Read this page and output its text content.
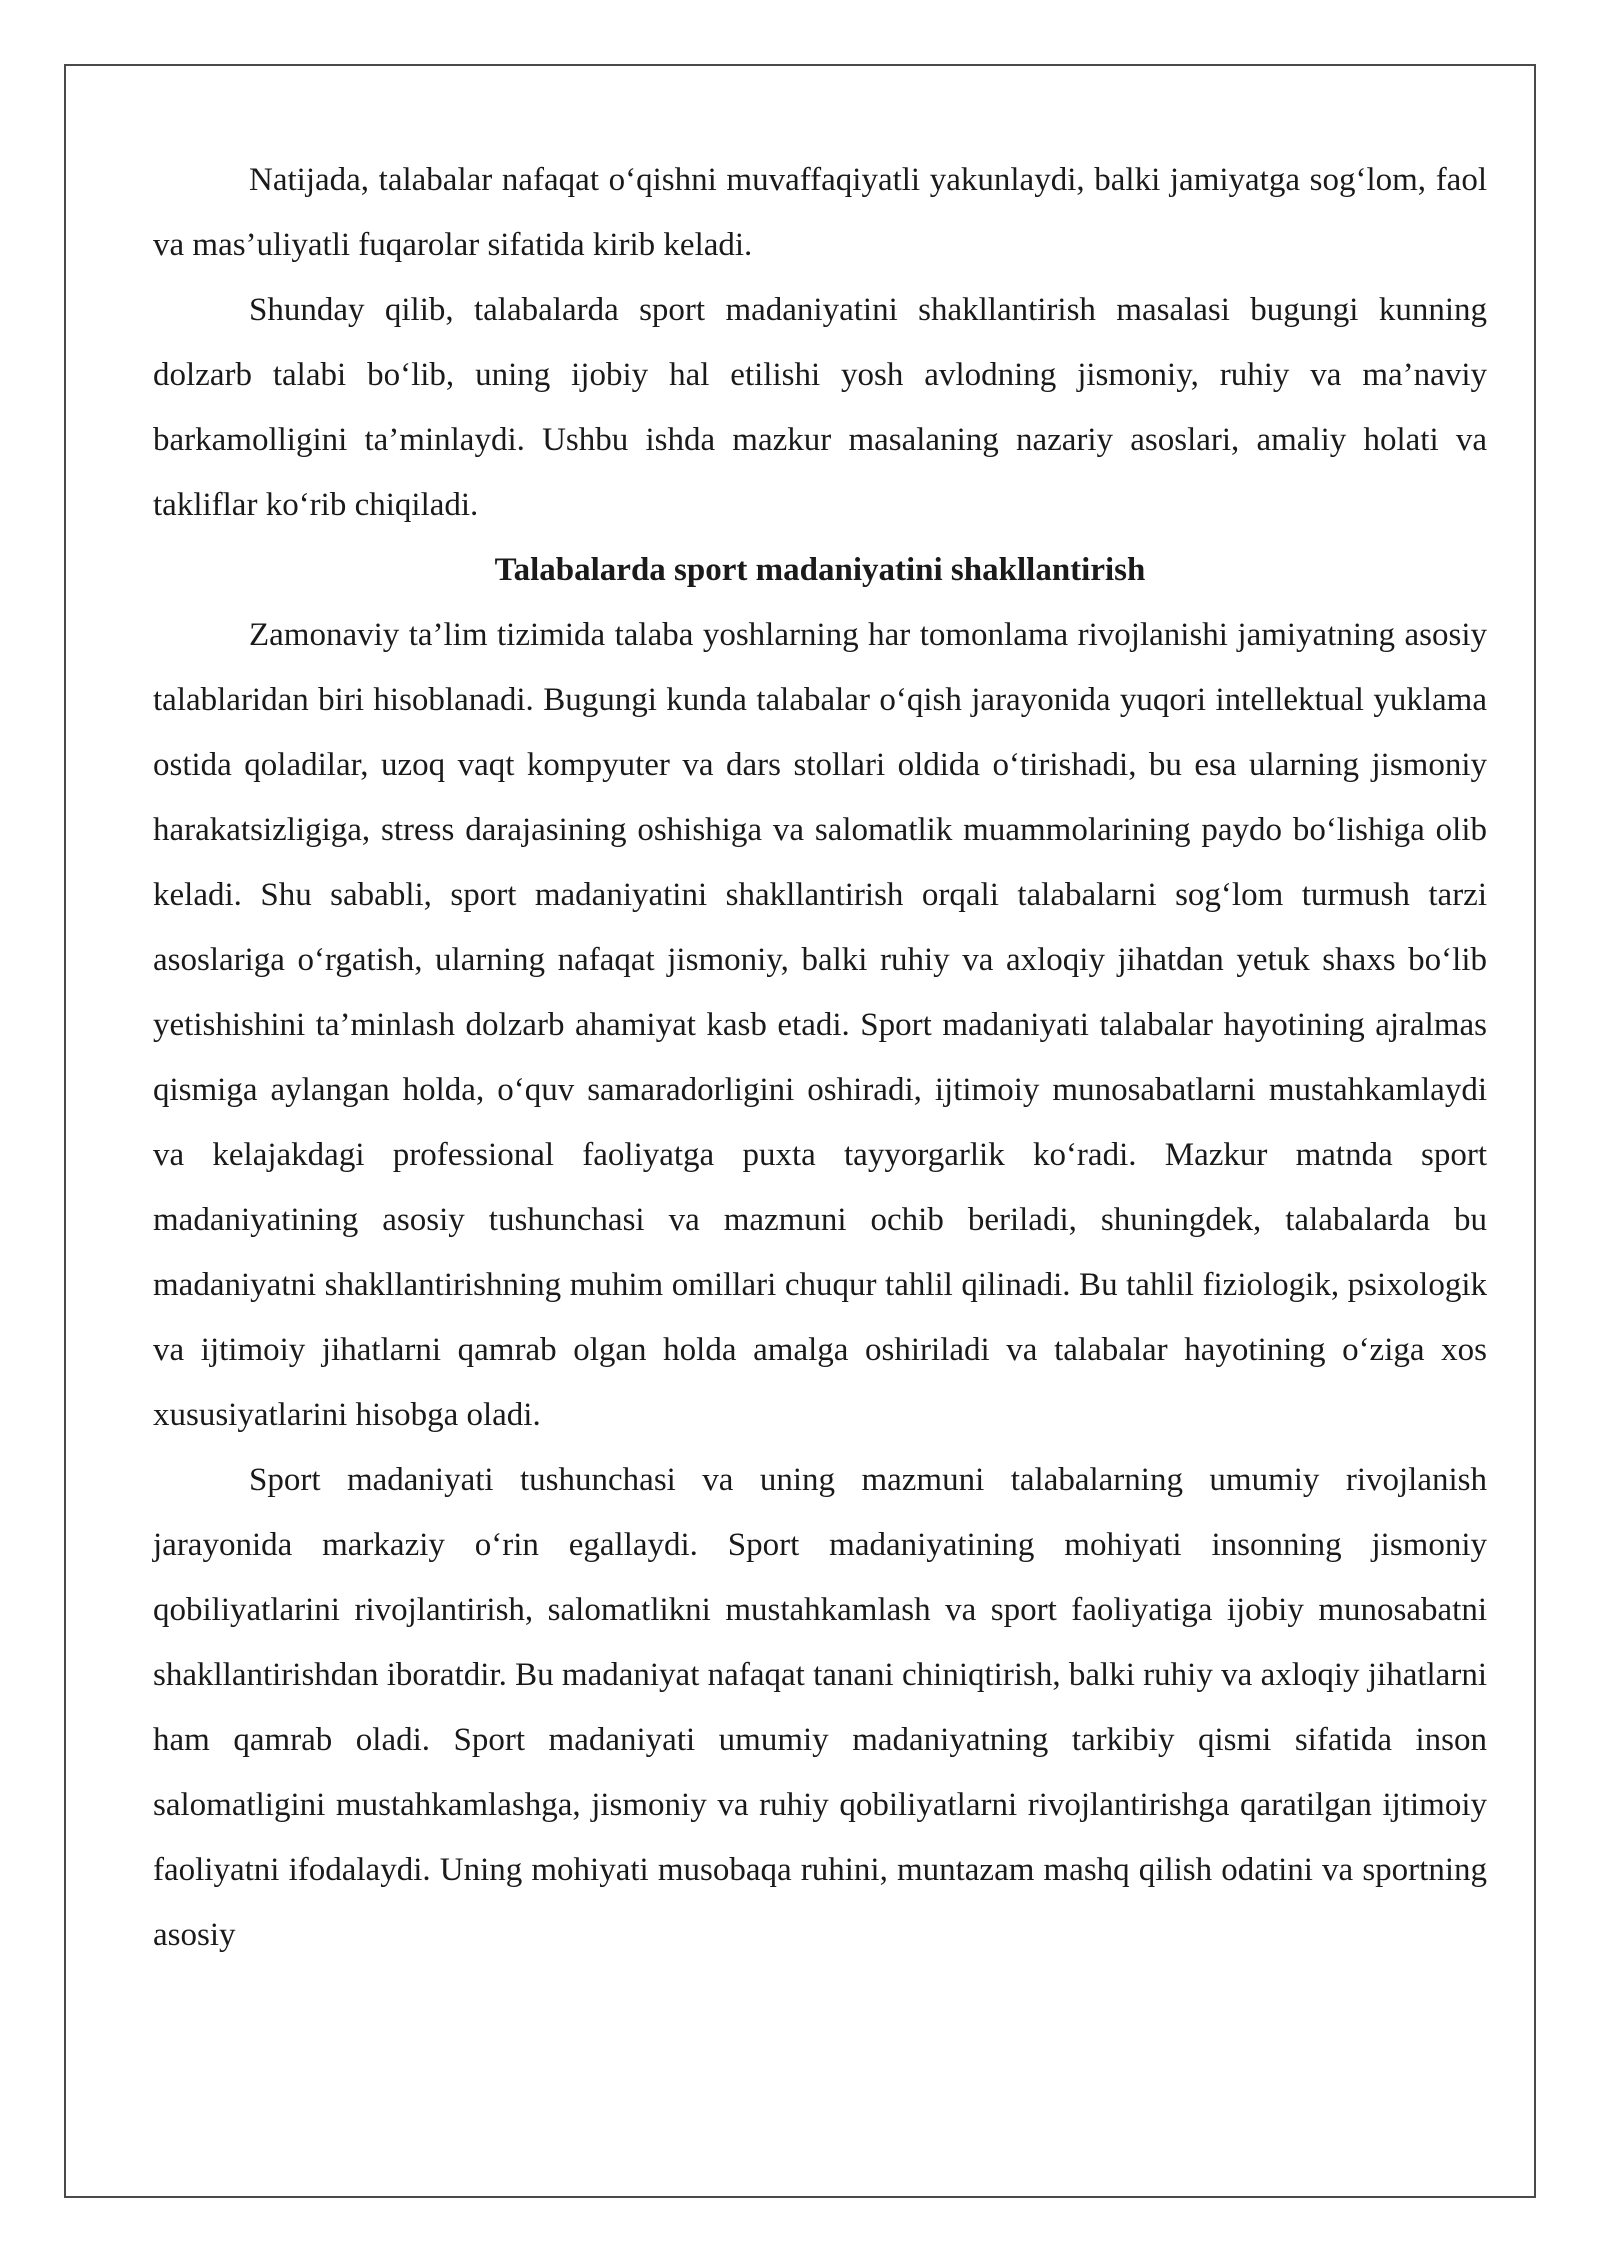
Natijada, talabalar nafaqat o‘qishni muvaffaqiyatli yakunlaydi, balki jamiyatga sog‘lom, faol va mas’uliyatli fuqarolar sifatida kirib keladi.

Shunday qilib, talabalarda sport madaniyatini shakllantirish masalasi bugungi kunning dolzarb talabi bo‘lib, uning ijobiy hal etilishi yosh avlodning jismoniy, ruhiy va ma’naviy barkamolligini ta’minlaydi. Ushbu ishda mazkur masalaning nazariy asoslari, amaliy holati va takliflar ko‘rib chiqiladi.

Talabalarda sport madaniyatini shakllantirish

Zamonaviy ta’lim tizimida talaba yoshlarning har tomonlama rivojlanishi jamiyatning asosiy talablaridan biri hisoblanadi. Bugungi kunda talabalar o‘qish jarayonida yuqori intellektual yuklama ostida qoladilar, uzoq vaqt kompyuter va dars stollari oldida o‘tirishadi, bu esa ularning jismoniy harakatsizligiga, stress darajasining oshishiga va salomatlik muammolarining paydo bo‘lishiga olib keladi. Shu sababli, sport madaniyatini shakllantirish orqali talabalarni sog‘lom turmush tarzi asoslariga o‘rgatish, ularning nafaqat jismoniy, balki ruhiy va axloqiy jihatdan yetuk shaxs bo‘lib yetishishini ta’minlash dolzarb ahamiyat kasb etadi. Sport madaniyati talabalar hayotining ajralmas qismiga aylangan holda, o‘quv samaradorligini oshiradi, ijtimoiy munosabatlarni mustahkamlaydi va kelajakdagi professional faoliyatga puxta tayyorgarlik ko‘radi. Mazkur matnda sport madaniyatining asosiy tushunchasi va mazmuni ochib beriladi, shuningdek, talabalarda bu madaniyatni shakllantirishning muhim omillari chuqur tahlil qilinadi. Bu tahlil fiziologik, psixologik va ijtimoiy jihatlarni qamrab olgan holda amalga oshiriladi va talabalar hayotining o‘ziga xos xususiyatlarini hisobga oladi.

Sport madaniyati tushunchasi va uning mazmuni talabalarning umumiy rivojlanish jarayonida markaziy o‘rin egallaydi. Sport madaniyatining mohiyati insonning jismoniy qobiliyatlarini rivojlantirish, salomatlikni mustahkamlash va sport faoliyatiga ijobiy munosabatni shakllantirishdan iboratdir. Bu madaniyat nafaqat tanani chiniqtirish, balki ruhiy va axloqiy jihatlarni ham qamrab oladi. Sport madaniyati umumiy madaniyatning tarkibiy qismi sifatida inson salomatligini mustahkamlashga, jismoniy va ruhiy qobiliyatlarni rivojlantirishga qaratilgan ijtimoiy faoliyatni ifodalaydi. Uning mohiyati musobaqa ruhini, muntazam mashq qilish odatini va sportning asosiy
